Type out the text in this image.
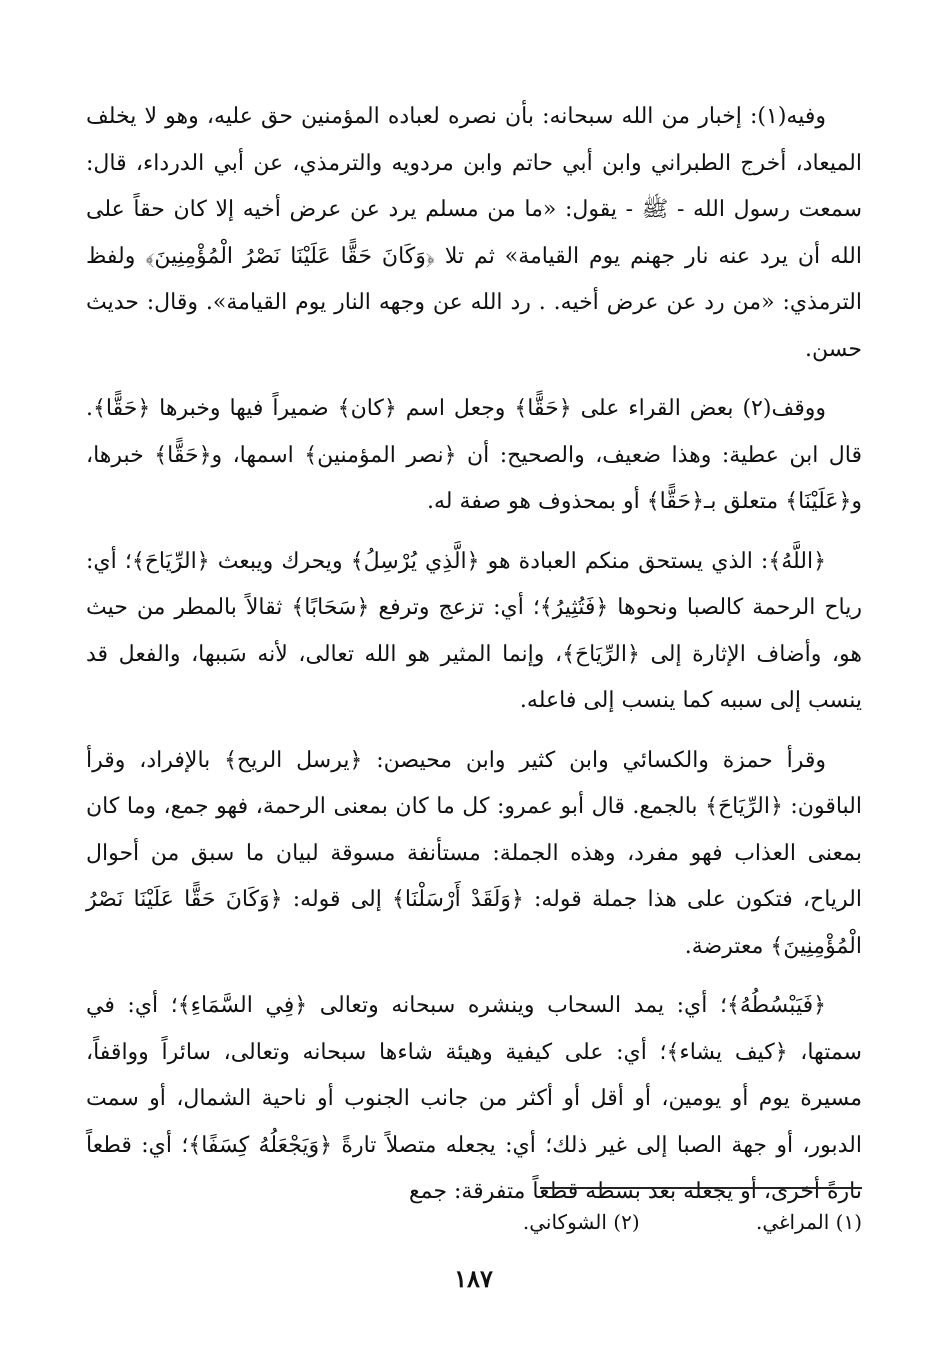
وفيه(١): إخبار من الله سبحانه: بأن نصره لعباده المؤمنين حق عليه، وهو لا يخلف الميعاد، أخرج الطبراني وابن أبي حاتم وابن مردويه والترمذي، عن أبي الدرداء، قال: سمعت رسول الله - ﷺ - يقول: «ما من مسلم يرد عن عرض أخيه إلا كان حقاً على الله أن يرد عنه نار جهنم يوم القيامة» ثم تلا ﴿وَكَانَ حَقًّا عَلَيْنَا نَصْرُ الْمُؤْمِنِينَ﴾ ولفظ الترمذي: «من رد عن عرض أخيه. . رد الله عن وجهه النار يوم القيامة». وقال: حديث حسن.

ووقف(٢) بعض القراء على ﴿حَقًّا﴾ وجعل اسم ﴿كان﴾ ضميراً فيها وخبرها ﴿حَقًّا﴾. قال ابن عطية: وهذا ضعيف، والصحيح: أن ﴿نصر المؤمنين﴾ اسمها، و﴿حَقًّا﴾ خبرها، و﴿عَلَيْنَا﴾ متعلق بـ﴿حَقًّا﴾ أو بمحذوف هو صفة له.

﴿اللَّهُ﴾: الذي يستحق منكم العبادة هو ﴿الَّذِي يُرْسِلُ﴾ ويحرك ويبعث ﴿الرِّيَاحَ﴾؛ أي: رياح الرحمة كالصبا ونحوها ﴿فَتُثِيرُ﴾؛ أي: تزعج وترفع ﴿سَحَابًا﴾ ثقالاً بالمطر من حيث هو، وأضاف الإثارة إلى ﴿الرِّيَاحَ﴾، وإنما المثير هو الله تعالى، لأنه سَببها، والفعل قد ينسب إلى سببه كما ينسب إلى فاعله.

وقرأ حمزة والكسائي وابن كثير وابن محيصن: ﴿يرسل الريح﴾ بالإفراد، وقرأ الباقون: ﴿الرِّيَاحَ﴾ بالجمع. قال أبو عمرو: كل ما كان بمعنى الرحمة، فهو جمع، وما كان بمعنى العذاب فهو مفرد، وهذه الجملة: مستأنفة مسوقة لبيان ما سبق من أحوال الرياح، فتكون على هذا جملة قوله: ﴿وَلَقَدْ أَرْسَلْنَا﴾ إلى قوله: ﴿وَكَانَ حَقًّا عَلَيْنَا نَصْرُ الْمُؤْمِنِينَ﴾ معترضة.

﴿فَيَبْسُطُهُ﴾؛ أي: يمد السحاب وينشره سبحانه وتعالى ﴿فِي السَّمَاءِ﴾؛ أي: في سمتها، ﴿كيف يشاء﴾؛ أي: على كيفية وهيئة شاءها سبحانه وتعالى، سائراً وواقفاً، مسيرة يوم أو يومين، أو أقل أو أكثر من جانب الجنوب أو ناحية الشمال، أو سمت الدبور، أو جهة الصبا إلى غير ذلك؛ أي: يجعله متصلاً تارةً ﴿وَيَجْعَلُهُ كِسَفًا﴾؛ أي: قطعاً تارةً أخرى، أو يجعله بعد بسطه قطعاً متفرقة: جمع

(١) المراغي. (٢) الشوكاني.
١٨٧
